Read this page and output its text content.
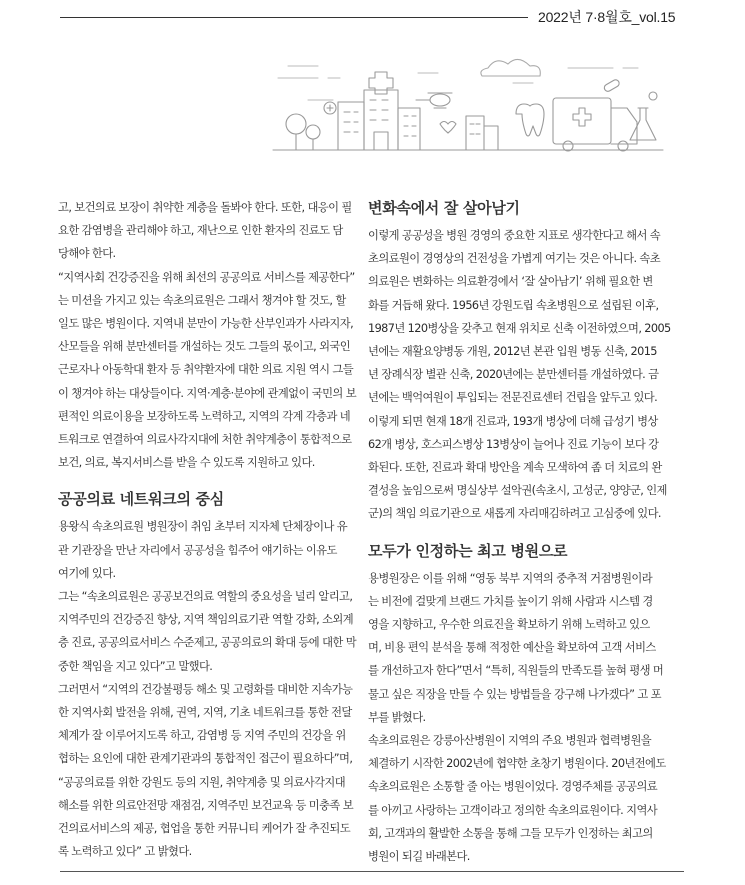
2022년 7·8월호_vol.15

고, 보건의료 보장이 취약한 계층을 돌봐야 한다. 또한, 대응이 필

요한 감염병을 관리해야 하고, 재난으로 인한 환자의 진료도 담

당해야 한다.

“지역사회 건강증진을 위해 최선의 공공의료 서비스를 제공한다”

는 미션을 가지고 있는 속초의료원은 그래서 챙겨야 할 것도, 할

일도 많은 병원이다. 지역내 분만이 가능한 산부인과가 사라지자,

산모들을 위해 분만센터를 개설하는 것도 그들의 몫이고, 외국인

근로자나 아동학대 환자 등 취약환자에 대한 의료 지원 역시 그들

이 챙겨야 하는 대상들이다. 지역·계층·분야에 관계없이 국민의 보

편적인 의료이용을 보장하도록 노력하고, 지역의 각계 각층과 네

트워크로 연결하여 의료사각지대에 처한 취약계층이 통합적으로

보건, 의료, 복지서비스를 받을 수 있도록 지원하고 있다.

공공의료 네트워크의 중심

용왕식 속초의료원 병원장이 취임 초부터 지자체 단체장이나 유

관 기관장을 만난 자리에서 공공성을 힘주어 얘기하는 이유도

여기에 있다.

그는 “속초의료원은 공공보건의료 역할의 중요성을 널리 알리고,

지역주민의 건강증진 향상, 지역 책임의료기관 역할 강화, 소외계

층 진료, 공공의료서비스 수준제고, 공공의료의 확대 등에 대한 막

중한 책임을 지고 있다”고 말했다.

그러면서 “지역의 건강불평등 해소 및 고령화를 대비한 지속가능

한 지역사회 발전을 위해, 권역, 지역, 기초 네트워크를 통한 전달

체계가 잘 이루어지도록 하고, 감염병 등 지역 주민의 건강을 위

협하는 요인에 대한 관계기관과의 통합적인 접근이 필요하다”며,

“공공의료를 위한 강원도 등의 지원, 취약계층 및 의료사각지대

해소를 위한 의료안전망 재점검, 지역주민 보건교육 등 미충족 보

건의료서비스의 제공, 협업을 통한 커뮤니티 케어가 잘 추진되도

록 노력하고 있다” 고 밝혔다.

변화속에서 잘 살아남기

이렇게 공공성을 병원 경영의 중요한 지표로 생각한다고 해서 속

초의료원이 경영상의 건전성을 가볍게 여기는 것은 아니다. 속초

의료원은 변화하는 의료환경에서 ‘잘 살아남기’ 위해 필요한 변

화를 거듭해 왔다. 1956년 강원도립 속초병원으로 설립된 이후,

1987년 120병상을 갖추고 현재 위치로 신축 이전하였으며, 2005

년에는 재활요양병동 개원, 2012년 본관 입원 병동 신축, 2015

년 장례식장 별관 신축, 2020년에는 분만센터를 개설하였다. 금

년에는 백억여원이 투입되는 전문진료센터 건립을 앞두고 있다.

이렇게 되면 현재 18개 진료과, 193개 병상에 더해 급성기 병상

62개 병상, 호스피스병상 13병상이 늘어나 진료 기능이 보다 강

화된다. 또한, 진료과 확대 방안을 계속 모색하여 좀 더 치료의 완

결성을 높임으로써 명실상부 설악권(속초시, 고성군, 양양군, 인제

군)의 책임 의료기관으로 새롭게 자리매김하려고 고심중에 있다.

모두가 인정하는 최고 병원으로

용병원장은 이를 위해 “영동 북부 지역의 중추적 거점병원이라

는 비전에 걸맞게 브랜드 가치를 높이기 위해 사람과 시스템 경

영을 지향하고, 우수한 의료진을 확보하기 위해 노력하고 있으

며, 비용 편익 분석을 통해 적정한 예산을 확보하여 고객 서비스

를 개선하고자 한다”면서 “특히, 직원들의 만족도를 높혀 평생 머

물고 싶은 직장을 만들 수 있는 방법들을 강구해 나가겠다” 고 포

부를 밝혔다.

속초의료원은 강릉아산병원이 지역의 주요 병원과 협력병원을

체결하기 시작한 2002년에 협약한 초창기 병원이다. 20년전에도

속초의료원은 소통할 줄 아는 병원이었다. 경영주체를 공공의료

를 아끼고 사랑하는 고객이라고 정의한 속초의료원이다. 지역사

회, 고객과의 활발한 소통을 통해 그들 모두가 인정하는 최고의

병원이 되길 바래본다.
